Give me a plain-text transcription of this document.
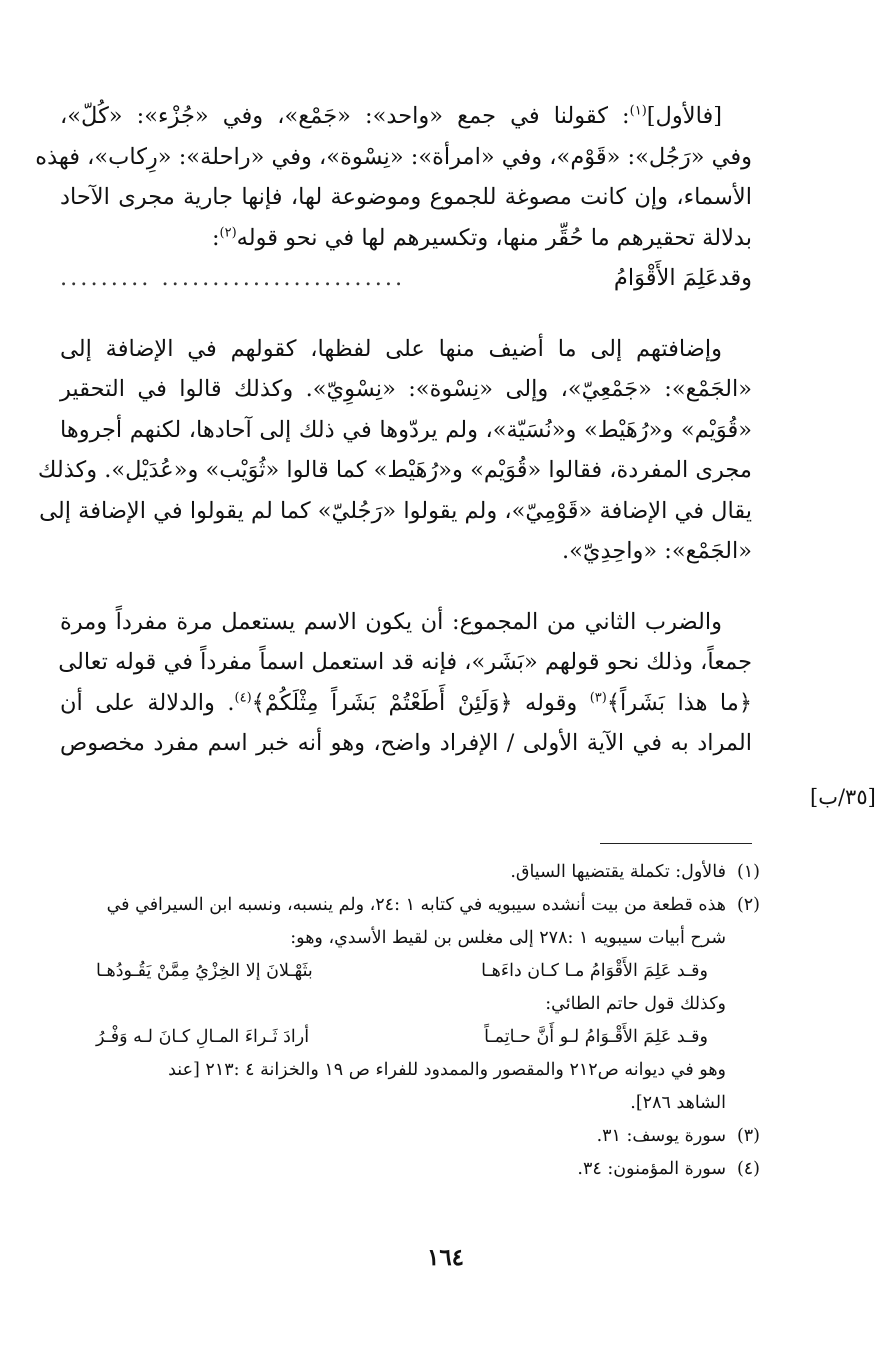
[فالأول]$^{(١)}$: كقولنا في جمع «واحد»: «جَمْع»، وفي «جُزْء»: «كُلّ»،
وفي «رَجُل»: «قَوْم»، وفي «امرأة»: «نِسْوة»، وفي «راحلة»: «رِكاب»، فهذه
الأسماء، وإن كانت مصوغة للجموع وموضوعة لها، فإنها جارية مجرى الآحاد
بدلالة تحقيرهم ما حُقِّر منها، وتكسيرهم لها في نحو قوله$^{(٢)}$:
وقدعَلِمَ الأَقْوَامُ
........................ .........
وإضافتهم إلى ما أضيف منها على لفظها، كقولهم في الإضافة إلى
«الجَمْع»: «جَمْعِيّ»، وإلى «نِسْوة»: «نِسْوِيّ». وكذلك قالوا في التحقير
«قُوَيْم» و«رُهَيْط» و«نُسَيّة»، ولم يردّوها في ذلك إلى آحادها، لكنهم أجروها
مجرى المفردة، فقالوا «قُوَيْم» و«رُهَيْط» كما قالوا «ثُوَيْب» و«عُدَيْل». وكذلك
يقال في الإضافة «قَوْمِيّ»، ولم يقولوا «رَجُليّ» كما لم يقولوا في الإضافة إلى
«الجَمْع»: «واحِدِيّ».
والضرب الثاني من المجموع: أن يكون الاسم يستعمل مرة مفرداً ومرة
جمعاً، وذلك نحو قولهم «بَشَر»، فإنه قد استعمل اسماً مفرداً في قوله تعالى
﴿ما هذا بَشَراً﴾$^{(٣)}$ وقوله ﴿وَلَئِنْ أَطَعْتُمْ بَشَراً مِثْلَكُمْ﴾$^{(٤)}$. والدلالة على أن
المراد به في الآية الأولى / الإفراد واضح، وهو أنه خبر اسم مفرد مخصوص
[٣٥/ب]
(١)
فالأول: تكملة يقتضيها السياق.
(٢)
هذه قطعة من بيت أنشده سيبويه في كتابه ١ :٢٤، ولم ينسبه، ونسبه ابن السيرافي في
شرح أبيات سيبويه ١ :٢٧٨ إلى مغلس بن لقيط الأسدي، وهو:
وقـد عَلِمَ الأَقْوَامُ مـا كـان داءَهـا
بثَهْـلانَ إلا الخِزْيُ مِمَّنْ يَقُـودُهـا
وكذلك قول حاتم الطائي:
وقـد عَلِمَ الأَقْـوَامُ لـو أَنَّ حـاتِمـاً
أرادَ ثَـراءَ المـالِ كـانَ لـه وَفْـرُ
وهو في ديوانه ص٢١٢ والمقصور والممدود للفراء ص ١٩ والخزانة ٤ :٢١٣ [عند
الشاهد ٢٨٦].
(٣)
سورة يوسف: ٣١.
(٤)
سورة المؤمنون: ٣٤.
١٦٤
